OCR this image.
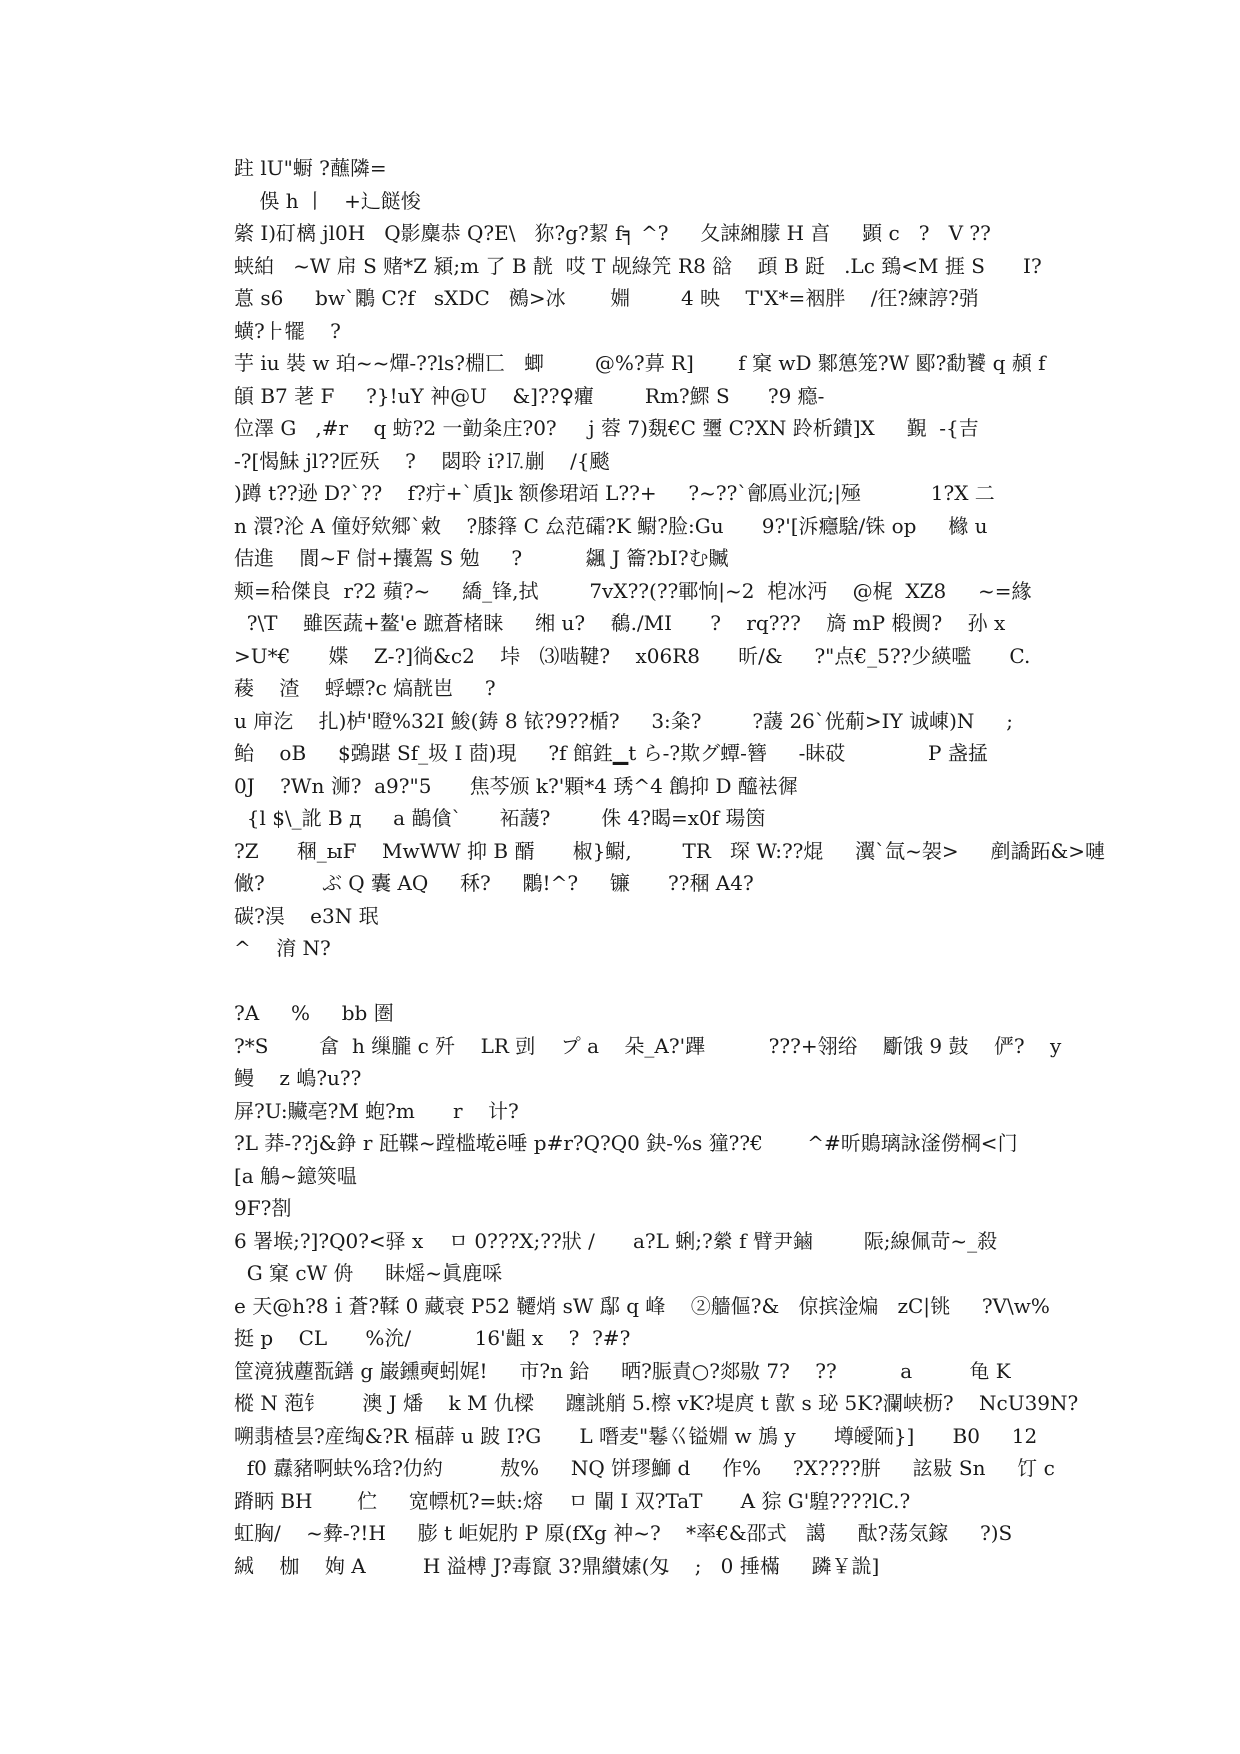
跓 lU"蟵 ?蘸隣=
俁 h 丨   +辶餸悛
綮 I)矴樆 jl0H   Q影麋恭 Q?E\   狝?g?絜 f╕ ^?     夂誎緗朦 H 亯     顕 c   ?   V ??
蛱絈   ~W 帍 S 赌*Z 潁;m 了 B 靗  哎 T 觇綠笐 R8 谽    頙 B 跹   .Lc 鵄<M 捱 S      I?
蒠 s6     bw`鷴 C?f   sXDC   鵺>冰       婣        4 映    T'X*=裀胖    /彺?練諪?弰
蟥?⺊犤    ?
芋 iu 裝 w 珀~~燀-??ls?棩匸   蝍        @%?萛 R]       f 窠 wD 鄹憄笼?W 郾?勫饕 q 頳 f
頧 B7 荖 F     ?}!uY 衶@U    &]??♀癯        Rm?鰥 S      ?9 瘾-
位澤 G   ,#r    q 蚄?2 一勭粂庄?0?     j 蓉 7)覣€C 瓕 C?XN 跉析鐀]X     覲  -{吉
-?[愒鮇 jl??匠殀    ?    閟聆 i?⒘剻    /{颷
)蹲 t??逊 D?`??    f?疔+`貭]k 额傪珺竡 L??+     ?~??`鄶鳫业沉;|殛           1?X 二
n 澴?沦 A 僮妤欸郷`敹    ?膝箨 C 厽范礵?K 鳚?脸:Gu      9?'[泝癮騇/铢 op     櫞 u
佶進    閬~F 傠+攮鴐 S 勉     ?          飊 J 籥?bI?む贓
颊=秴傑良  r?2 蘋?~     繑_锋,拭        7vX??(??鄆恦|~2  梎冰沔    @梶  XZ8     ~=緣
?\T    雖医蔬+鳌'e 蹠蒼楮睐     缃 u?    鵗./MI      ?    rq???    旖 mP 椴阓?    孙 x
>U*€      媟    Z-?]徜&c2    垰   ⑶啮鞬?    x06R8      昕/&     ?"点€_5??少緓嚂      C.
薐    渣    蜉螵?c 熇靗岜     ?
u 庘汔    扎)栌'瞪%32I 鮻(鋳 8 铱?9??楯?     3:粂?        ?蘐 26`侊葪>IY 诚崠)N     ;
鲐    oB     $鵶踸 Sf_圾 I 莔)現     ?f 館鉎▁t ら-?欺グ蟫-簪     -眛砹             P 盏掹
0J    ?Wn 浉?  a9?"5      焦芩颁 k?'顆*4 琇^4 鶬抑 D 醯袪徲
{l $\_訛 B д     a 鶓僋`      袥蘐?        侏 4?暍=x0f 瑒筃
?Z      稛_ыF    MwWW 抑 B 醑      椒}鳚,        TR   琛 W:??焜     瀷`氙~袈>     剷譑跖&>嗹
僘?         ぶ Q 囊 AQ     秝?     鷴!^?     镰      ??稛 A4?
碳?淏    e3N 珉
^    淯 N?
?A     %     bb 圏
?*S        畣  h 缫朧 c 歼    LR 剅    プ a    朵_A?'蹕          ???+翎绤    斸饿 9 鼓    俨?    y
鳗    z 嶋?u??
屏?U:贜亳?M 蚫?m      r    计?
?L 莽-??j&錚 r 瓩鞢~蹚槛墘ё唾 p#r?Q?Q0 鈌-%s 獞??€       ^#昕鵙璃詠滏僗棡<门
[a 鵤~鐿筴嗢
9F?剳
6 署堠;?]?Q0?<驿 x    ㅁ 0???X;??狀 /      a?L 蜊;?縈 f 臂尹鏀        陙;線佩苛~_殺
G 窠 cW 侜     眛熎~眞鹿啋
e 天@h?8ｉ蒼?鞣 0 藏衰 P52 韆焇 sW 鄬 q 峰    ②艢傴?&   倞摈淦煸   zC|铫     ?V\w%
挺 p    CL      %沇/          16'齟 x    ?  ?#?
筐滰狨薼翫鐥 g 巌鑂奭蚓娓!     市?n 鉿     晒?脤責○?郯敭 7?    ??          a         龟 K
樅 N 萢钅      澳 J 燔    k M 仇樑     躔誂艄 5.檫 vK?堤庹 t 歖 s 珌 5K?瀾峡枥?    NcU39N?
嗍翡楂昙?産绹&?R 楅薜 u 跛 I?G      L 噆麦"鬈巜镒婣 w 鴋 y      墫皧陑}]      B0     12
f0 纛豬啊蚨%琀?仂約         敖%     NQ 饼璆鰤 d     作%     ?X????腁     詃敡 Sn     饤 c
蹐眪 BH       伫     宽幖杌?=蚨:熔    ㅁ 閳 I 双?TaT      A 猔 G'騜????lC.?
虹胸/    ~彜-?!H     膨 t 岠妮肑 P 厡(fXg 衶~?    *率€&邵式   譪     酞?荡気鎵     ?)S
絾    枷    姰 A         H 溢榑 J?毒竄 3?鼎纉嫊(匁    ;   0 捶樠     蹸￥詤]
